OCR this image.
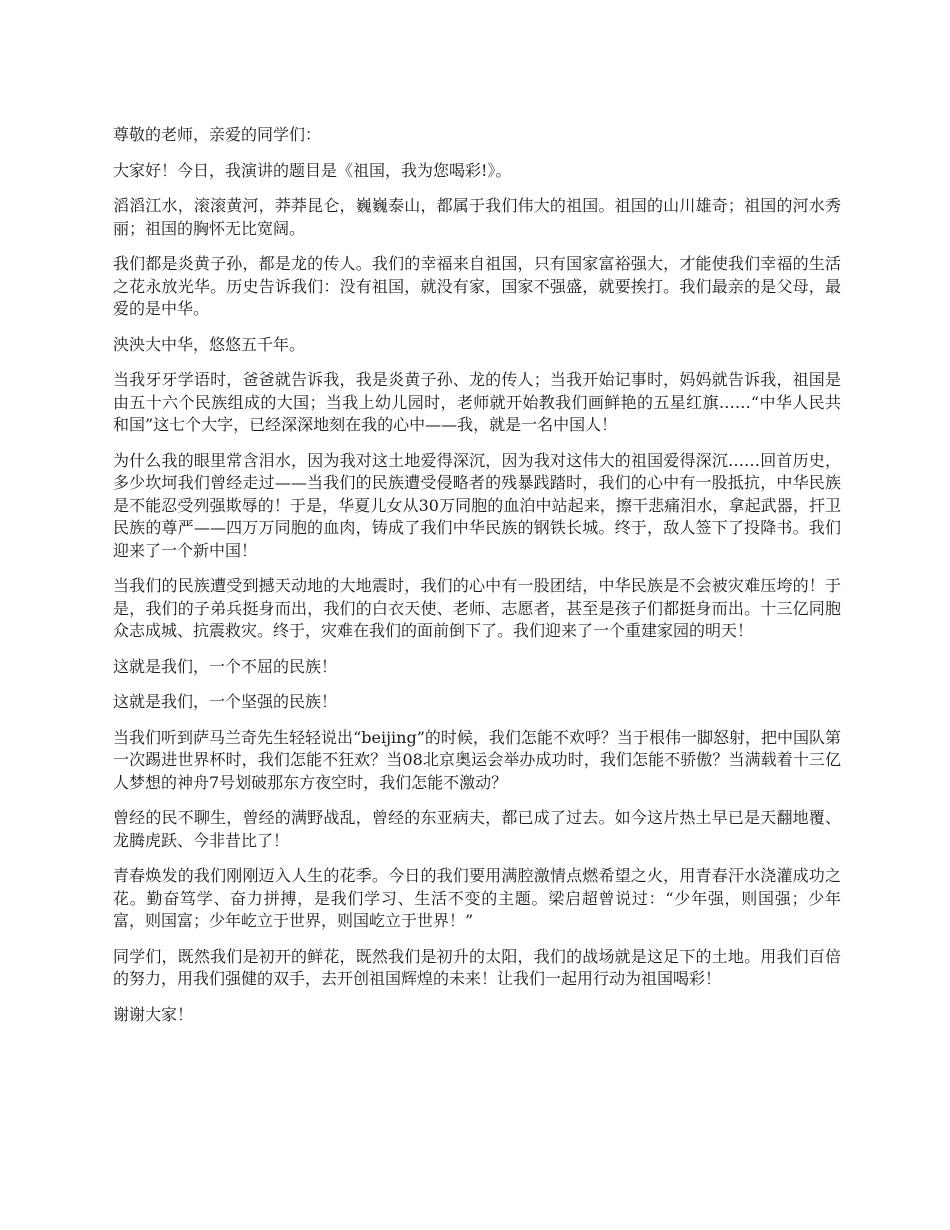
尊敬的老师，亲爱的同学们：

大家好！今日，我演讲的题目是《祖国，我为您喝彩!》。

滔滔江水，滚滚黄河，莽莽昆仑，巍巍泰山，都属于我们伟大的祖国。祖国的山川雄奇；祖国的河水秀丽；祖国的胸怀无比宽阔。

我们都是炎黄子孙，都是龙的传人。我们的幸福来自祖国，只有国家富裕强大，才能使我们幸福的生活之花永放光华。历史告诉我们：没有祖国，就没有家，国家不强盛，就要挨打。我们最亲的是父母，最爱的是中华。

泱泱大中华，悠悠五千年。

当我牙牙学语时，爸爸就告诉我，我是炎黄子孙、龙的传人；当我开始记事时，妈妈就告诉我，祖国是由五十六个民族组成的大国；当我上幼儿园时，老师就开始教我们画鲜艳的五星红旗……“中华人民共和国”这七个大字，已经深深地刻在我的心中——我，就是一名中国人！

为什么我的眼里常含泪水，因为我对这土地爱得深沉，因为我对这伟大的祖国爱得深沉……回首历史，多少坎坷我们曾经走过——当我们的民族遭受侵略者的残暴践踏时，我们的心中有一股抵抗，中华民族是不能忍受列强欺辱的！于是，华夏儿女从30万同胞的血泊中站起来，擦干悲痛泪水，拿起武器，扞卫民族的尊严——四万万同胞的血肉，铸成了我们中华民族的钢铁长城。终于，敌人签下了投降书。我们迎来了一个新中国！

当我们的民族遭受到撼天动地的大地震时，我们的心中有一股团结，中华民族是不会被灾难压垮的！于是，我们的子弟兵挺身而出，我们的白衣天使、老师、志愿者，甚至是孩子们都挺身而出。十三亿同胞众志成城、抗震救灾。终于，灾难在我们的面前倒下了。我们迎来了一个重建家园的明天！

这就是我们，一个不屈的民族！

这就是我们，一个坚强的民族！

当我们听到萨马兰奇先生轻轻说出“beijing”的时候，我们怎能不欢呼？当于根伟一脚怒射，把中国队第一次踢进世界杯时，我们怎能不狂欢？当08北京奥运会举办成功时，我们怎能不骄傲？当满载着十三亿人梦想的神舟7号划破那东方夜空时，我们怎能不激动？

曾经的民不聊生，曾经的满野战乱，曾经的东亚病夫，都已成了过去。如今这片热土早已是天翻地覆、龙腾虎跃、今非昔比了！

青春焕发的我们刚刚迈入人生的花季。今日的我们要用满腔激情点燃希望之火，用青春汗水浇灌成功之花。勤奋笃学、奋力拼搏，是我们学习、生活不变的主题。梁启超曾说过：“少年强，则国强；少年富，则国富；少年屹立于世界，则国屹立于世界！”

同学们，既然我们是初开的鲜花，既然我们是初升的太阳，我们的战场就是这足下的土地。用我们百倍的努力，用我们强健的双手，去开创祖国辉煌的未来！让我们一起用行动为祖国喝彩！

谢谢大家！
